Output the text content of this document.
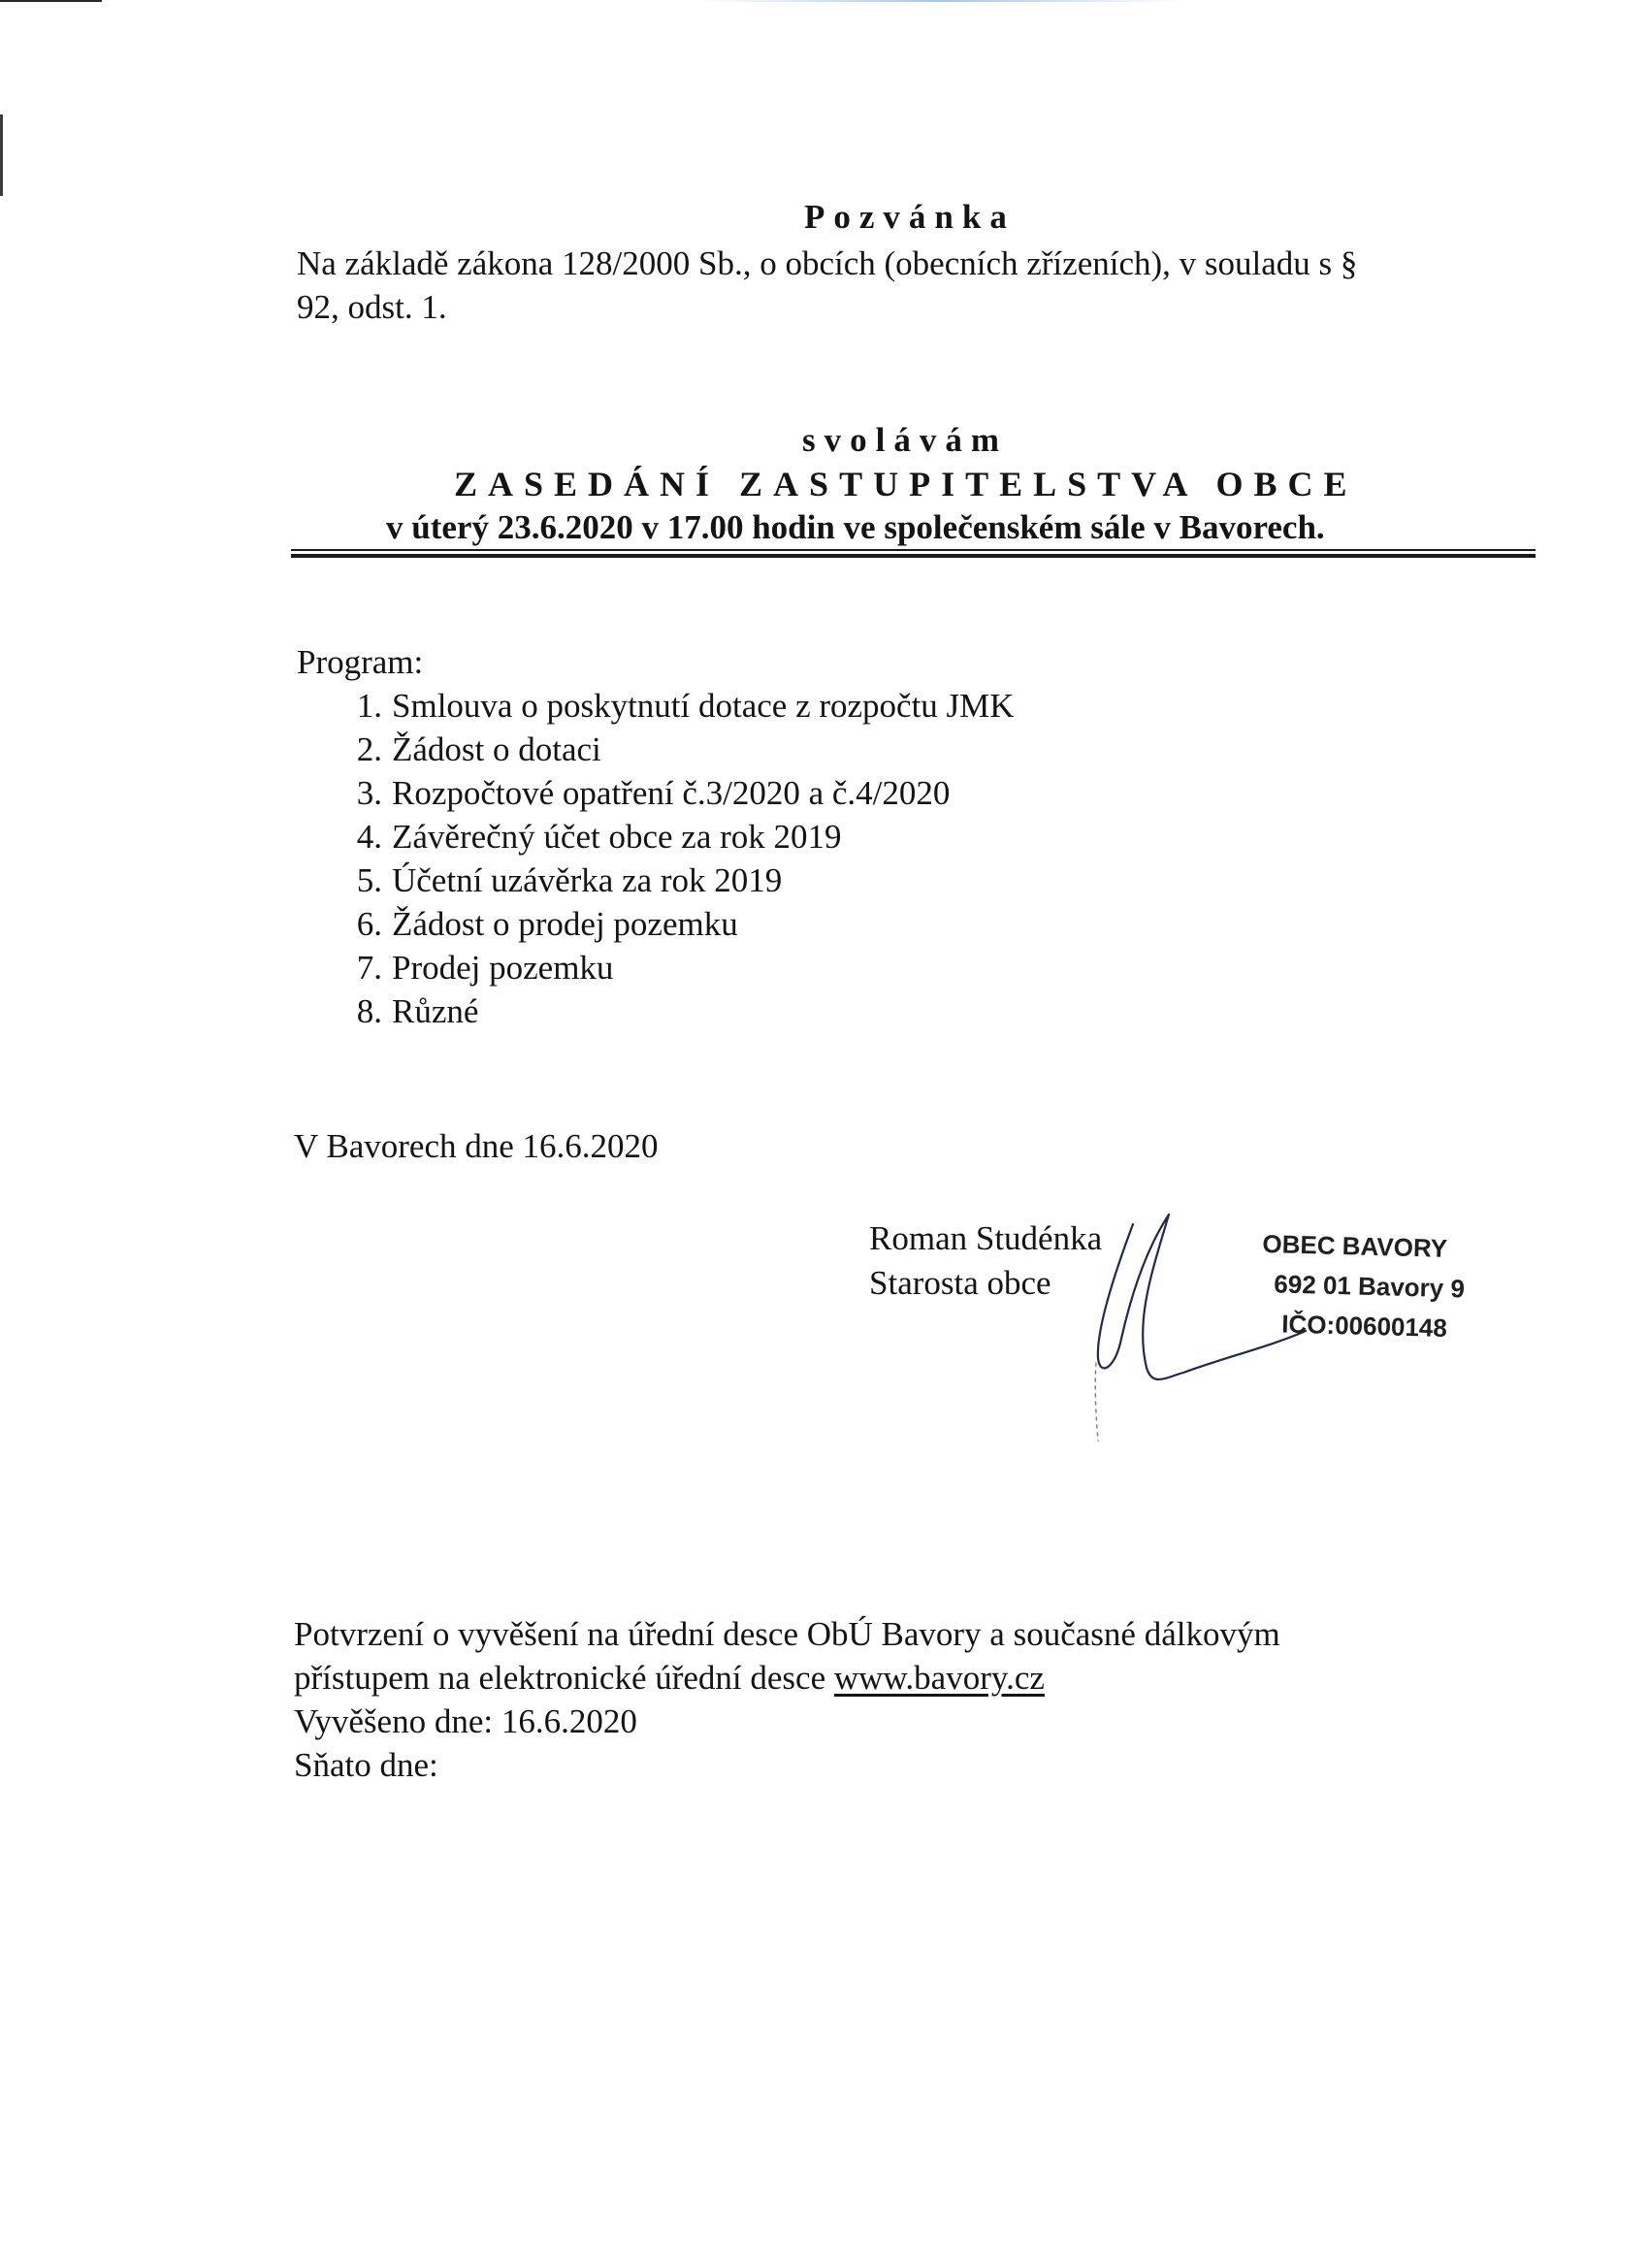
Pozvánka
Na základě zákona 128/2000 Sb., o obcích (obecních zřízeních), v souladu s §
92, odst. 1.
svolávám
ZASEDÁNÍ ZASTUPITELSTVA OBCE
v úterý 23.6.2020 v 17.00 hodin ve společenském sále v Bavorech.
Program:
1. Smlouva o poskytnutí dotace z rozpočtu JMK
2. Žádost o dotaci
3. Rozpočtové opatření č.3/2020 a č.4/2020
4. Závěrečný účet obce za rok 2019
5. Účetní uzávěrka za rok 2019
6. Žádost o prodej pozemku
7. Prodej pozemku
8. Různé
V Bavorech dne 16.6.2020
Roman Studénka
Starosta obce
OBEC BAVORY
692 01 Bavory 9
IČO:00600148
Potvrzení o vyvěšení na úřední desce ObÚ Bavory a současné dálkovým
přístupem na elektronické úřední desce www.bavory.cz
Vyvěšeno dne: 16.6.2020
Sňato dne:
